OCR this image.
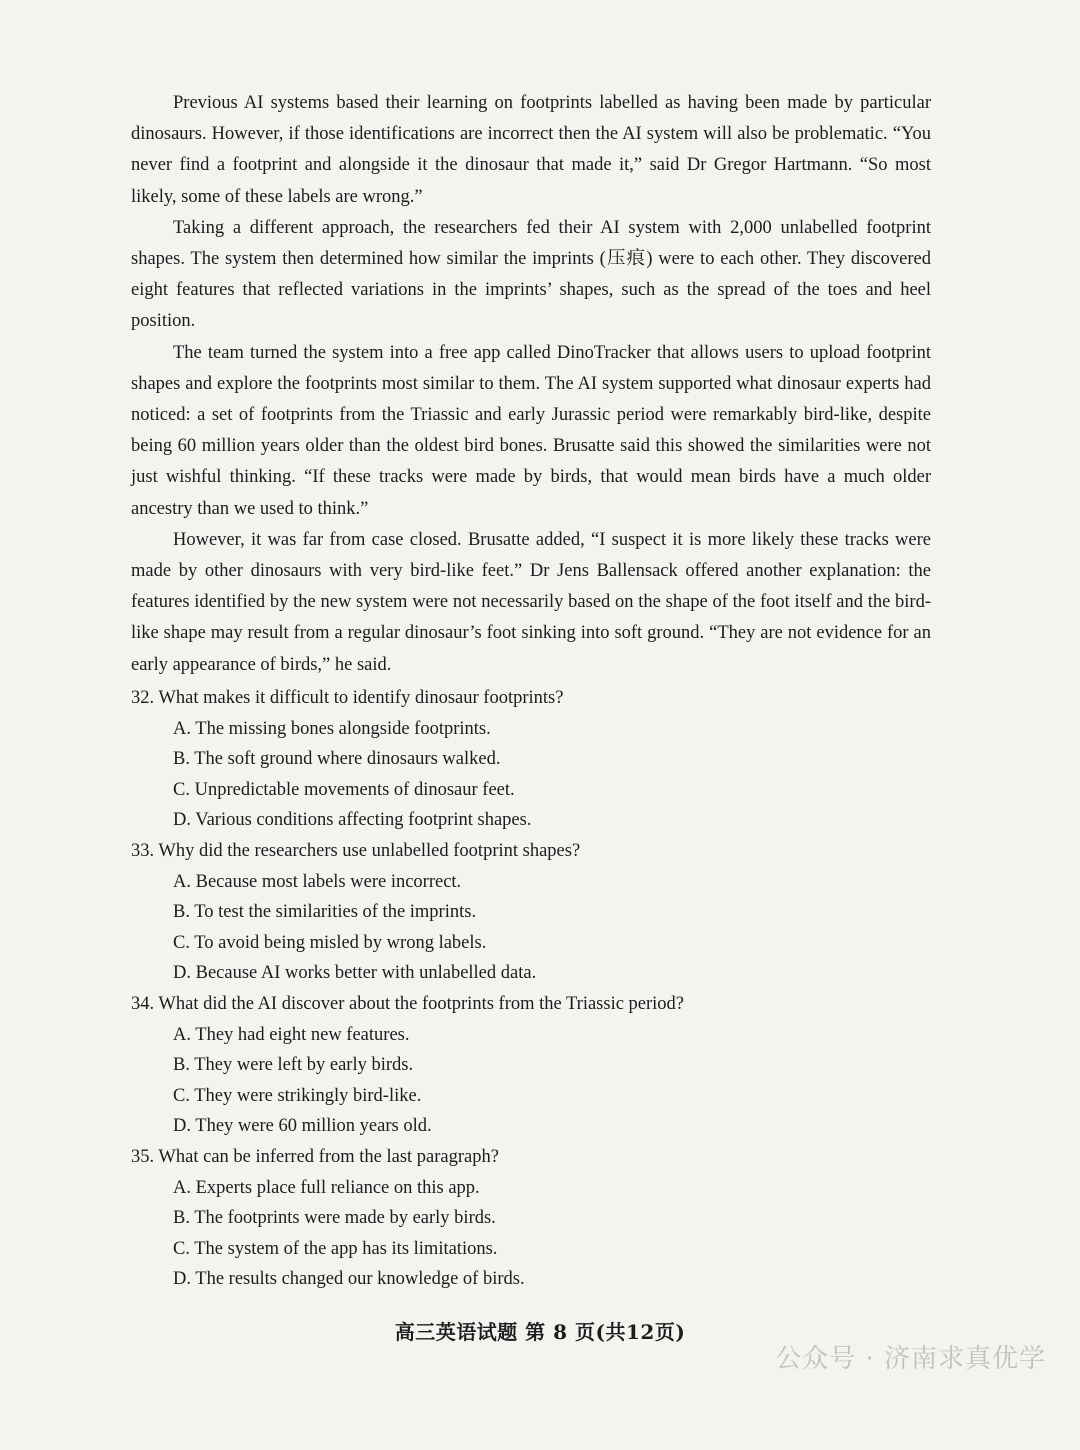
Previous AI systems based their learning on footprints labelled as having been made by particular dinosaurs. However, if those identifications are incorrect then the AI system will also be problematic. “You never find a footprint and alongside it the dinosaur that made it,” said Dr Gregor Hartmann. “So most likely, some of these labels are wrong.”

Taking a different approach, the researchers fed their AI system with 2,000 unlabelled footprint shapes. The system then determined how similar the imprints (压痕) were to each other. They discovered eight features that reflected variations in the imprints’ shapes, such as the spread of the toes and heel position.

The team turned the system into a free app called DinoTracker that allows users to upload footprint shapes and explore the footprints most similar to them. The AI system supported what dinosaur experts had noticed: a set of footprints from the Triassic and early Jurassic period were remarkably bird-like, despite being 60 million years older than the oldest bird bones. Brusatte said this showed the similarities were not just wishful thinking. “If these tracks were made by birds, that would mean birds have a much older ancestry than we used to think.”

However, it was far from case closed. Brusatte added, “I suspect it is more likely these tracks were made by other dinosaurs with very bird-like feet.” Dr Jens Ballensack offered another explanation: the features identified by the new system were not necessarily based on the shape of the foot itself and the bird-like shape may result from a regular dinosaur’s foot sinking into soft ground. “They are not evidence for an early appearance of birds,” he said.

32. What makes it difficult to identify dinosaur footprints?

A. The missing bones alongside footprints.

B. The soft ground where dinosaurs walked.

C. Unpredictable movements of dinosaur feet.

D. Various conditions affecting footprint shapes.

33. Why did the researchers use unlabelled footprint shapes?

A. Because most labels were incorrect.

B. To test the similarities of the imprints.

C. To avoid being misled by wrong labels.

D. Because AI works better with unlabelled data.

34. What did the AI discover about the footprints from the Triassic period?

A. They had eight new features.

B. They were left by early birds.

C. They were strikingly bird-like.

D. They were 60 million years old.

35. What can be inferred from the last paragraph?

A. Experts place full reliance on this app.

B. The footprints were made by early birds.

C. The system of the app has its limitations.

D. The results changed our knowledge of birds.

高三英语试题 第 8 页(共12页)
公众号 · 济南求真优学
